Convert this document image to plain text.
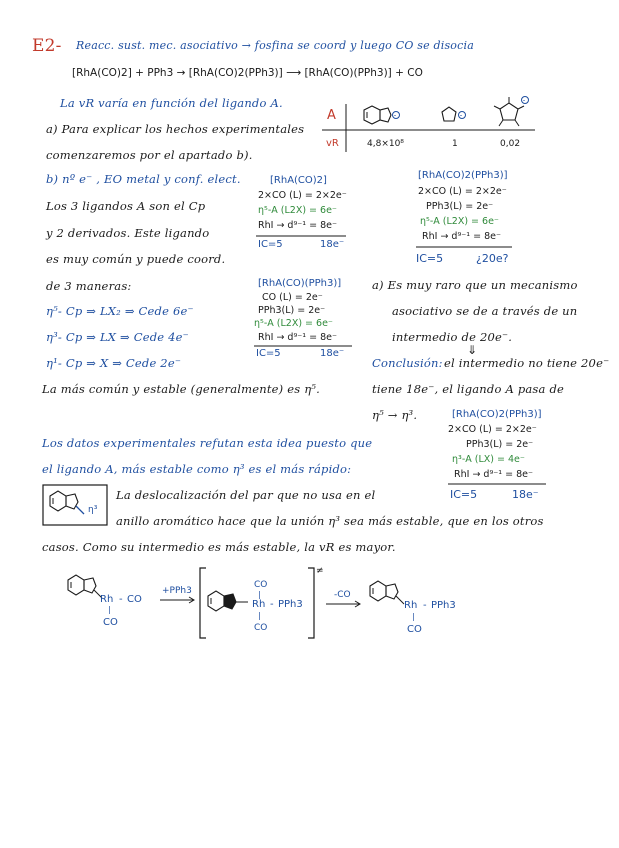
E2- Reacc. sust. mec. asociativo → fosfina se coord y luego CO se disocia
[RhA(CO)2] + PPh3 → [RhA(CO)2(PPh3)] ⟶ [RhA(CO)(PPh3)] + CO
La vR varía en función del ligando A.
A
vR
-	-
-
4,8×10⁸	1	0,02
a) Para explicar los hechos experimentales
comenzaremos por el apartado b).
b) nº e⁻ , EO metal y conf. elect.
Los 3 ligandos A son el Cp
y 2 derivados. Este ligando
es muy común y puede coord.
de 3 maneras:
η⁵- Cp ⇒ LX₂ ⇒ Cede 6e⁻
η³- Cp ⇒ LX ⇒ Cede 4e⁻
η¹- Cp ⇒ X ⇒ Cede 2e⁻
La más común y estable (generalmente) es η⁵.
[RhA(CO)2]
2×CO (L) = 2×2e⁻
η⁵-A (L2X) = 6e⁻
RhI → d⁹⁻¹ = 8e⁻
IC=5	18e⁻
[RhA(CO)(PPh3)]
CO (L) = 2e⁻
PPh3(L) = 2e⁻
η⁵-A (L2X) = 6e⁻
RhI → d⁹⁻¹ = 8e⁻
IC=5	18e⁻
[RhA(CO)2(PPh3)]
2×CO (L) = 2×2e⁻
PPh3(L) = 2e⁻
η⁵-A (L2X) = 6e⁻
RhI → d⁹⁻¹ = 8e⁻
IC=5	¿20e?
a) Es muy raro que un mecanismo
asociativo se de a través de un
intermedio de 20e⁻.
⇓
Conclusión: el intermedio no tiene 20e⁻
tiene 18e⁻, el ligando A pasa de
η⁵ → η³.	[RhA(CO)2(PPh3)]
2×CO (L) = 2×2e⁻
PPh3(L) = 2e⁻
η³-A (LX) = 4e⁻
RhI → d⁹⁻¹ = 8e⁻
IC=5	18e⁻
Los datos experimentales refutan esta idea puesto que
el ligando A, más estable como η³ es el más rápido:
η³
La deslocalización del par que no usa en el
anillo aromático hace que la unión η³ sea más estable, que en los otros
casos. Como su intermedio es más estable, la vR es mayor.
Rh - CO
|
CO
+PPh3
≠
CO
|
Rh - PPh3
|
CO
-CO
Rh - PPh3
|
CO
